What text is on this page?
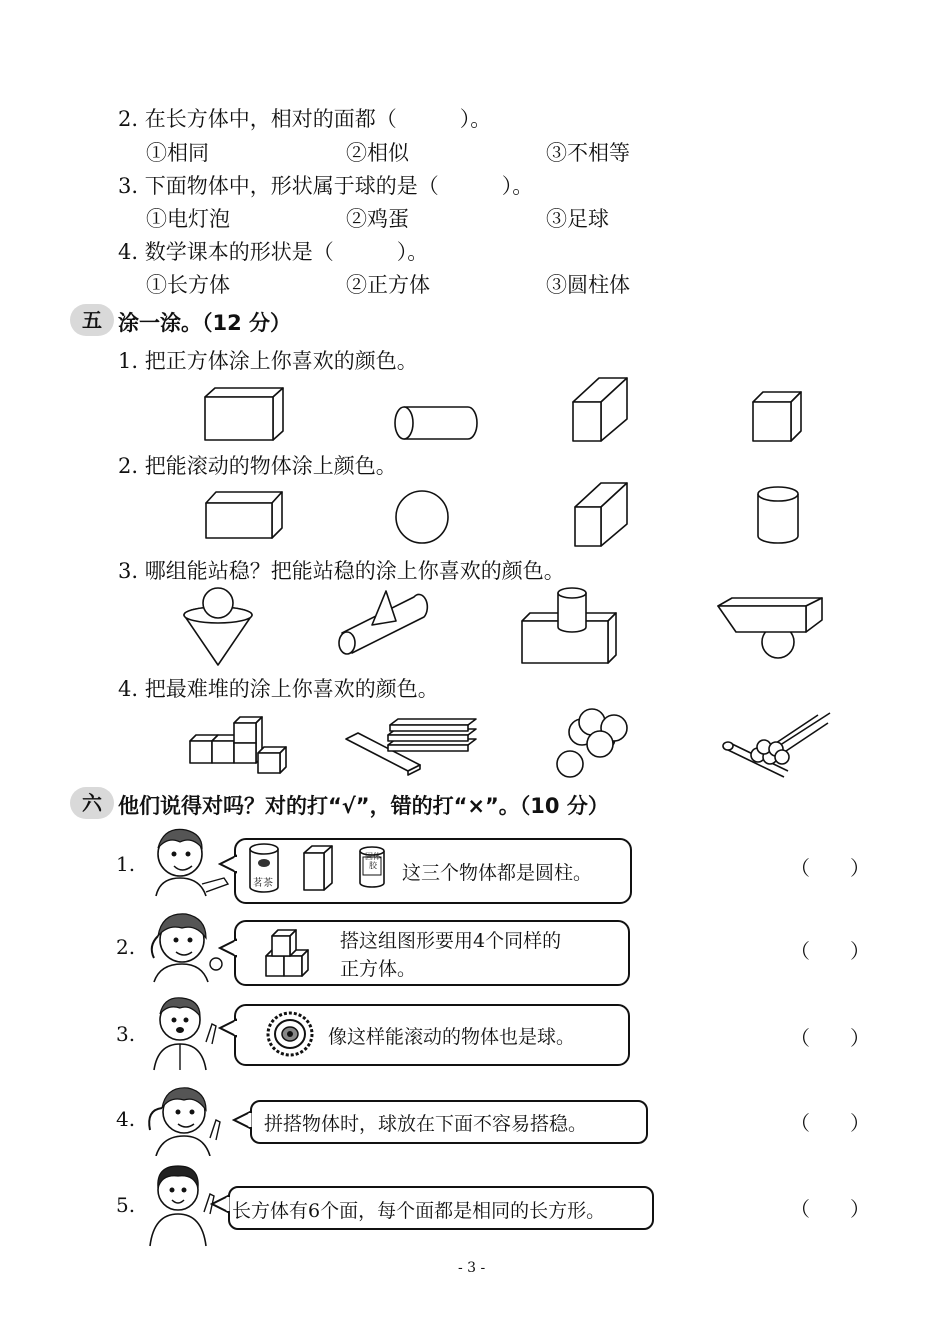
2. 在长方体中，相对的面都（　　　）。
①相同	②相似	③不相等
3. 下面物体中，形状属于球的是（　　　）。
①电灯泡	②鸡蛋	③足球
4. 数学课本的形状是（　　　）。
①长方体	②正方体	③圆柱体
五 涂一涂。（12 分）
1. 把正方体涂上你喜欢的颜色。
2. 把能滚动的物体涂上颜色。
3. 哪组能站稳？把能站稳的涂上你喜欢的颜色。
4. 把最难堆的涂上你喜欢的颜色。
六 他们说得对吗？对的打“√”，错的打“×”。（10 分）
1.
茗茶
固体胶	这三个物体都是圆柱。	（　　）
2.	搭这组图形要用4个同样的
正方体。
（　　）
3.	像这样能滚动的物体也是球。	（　　）
4.	拼搭物体时，球放在下面不容易搭稳。	（　　）
5.	长方体有6个面，每个面都是相同的长方形。	（　　）
- 3 -
